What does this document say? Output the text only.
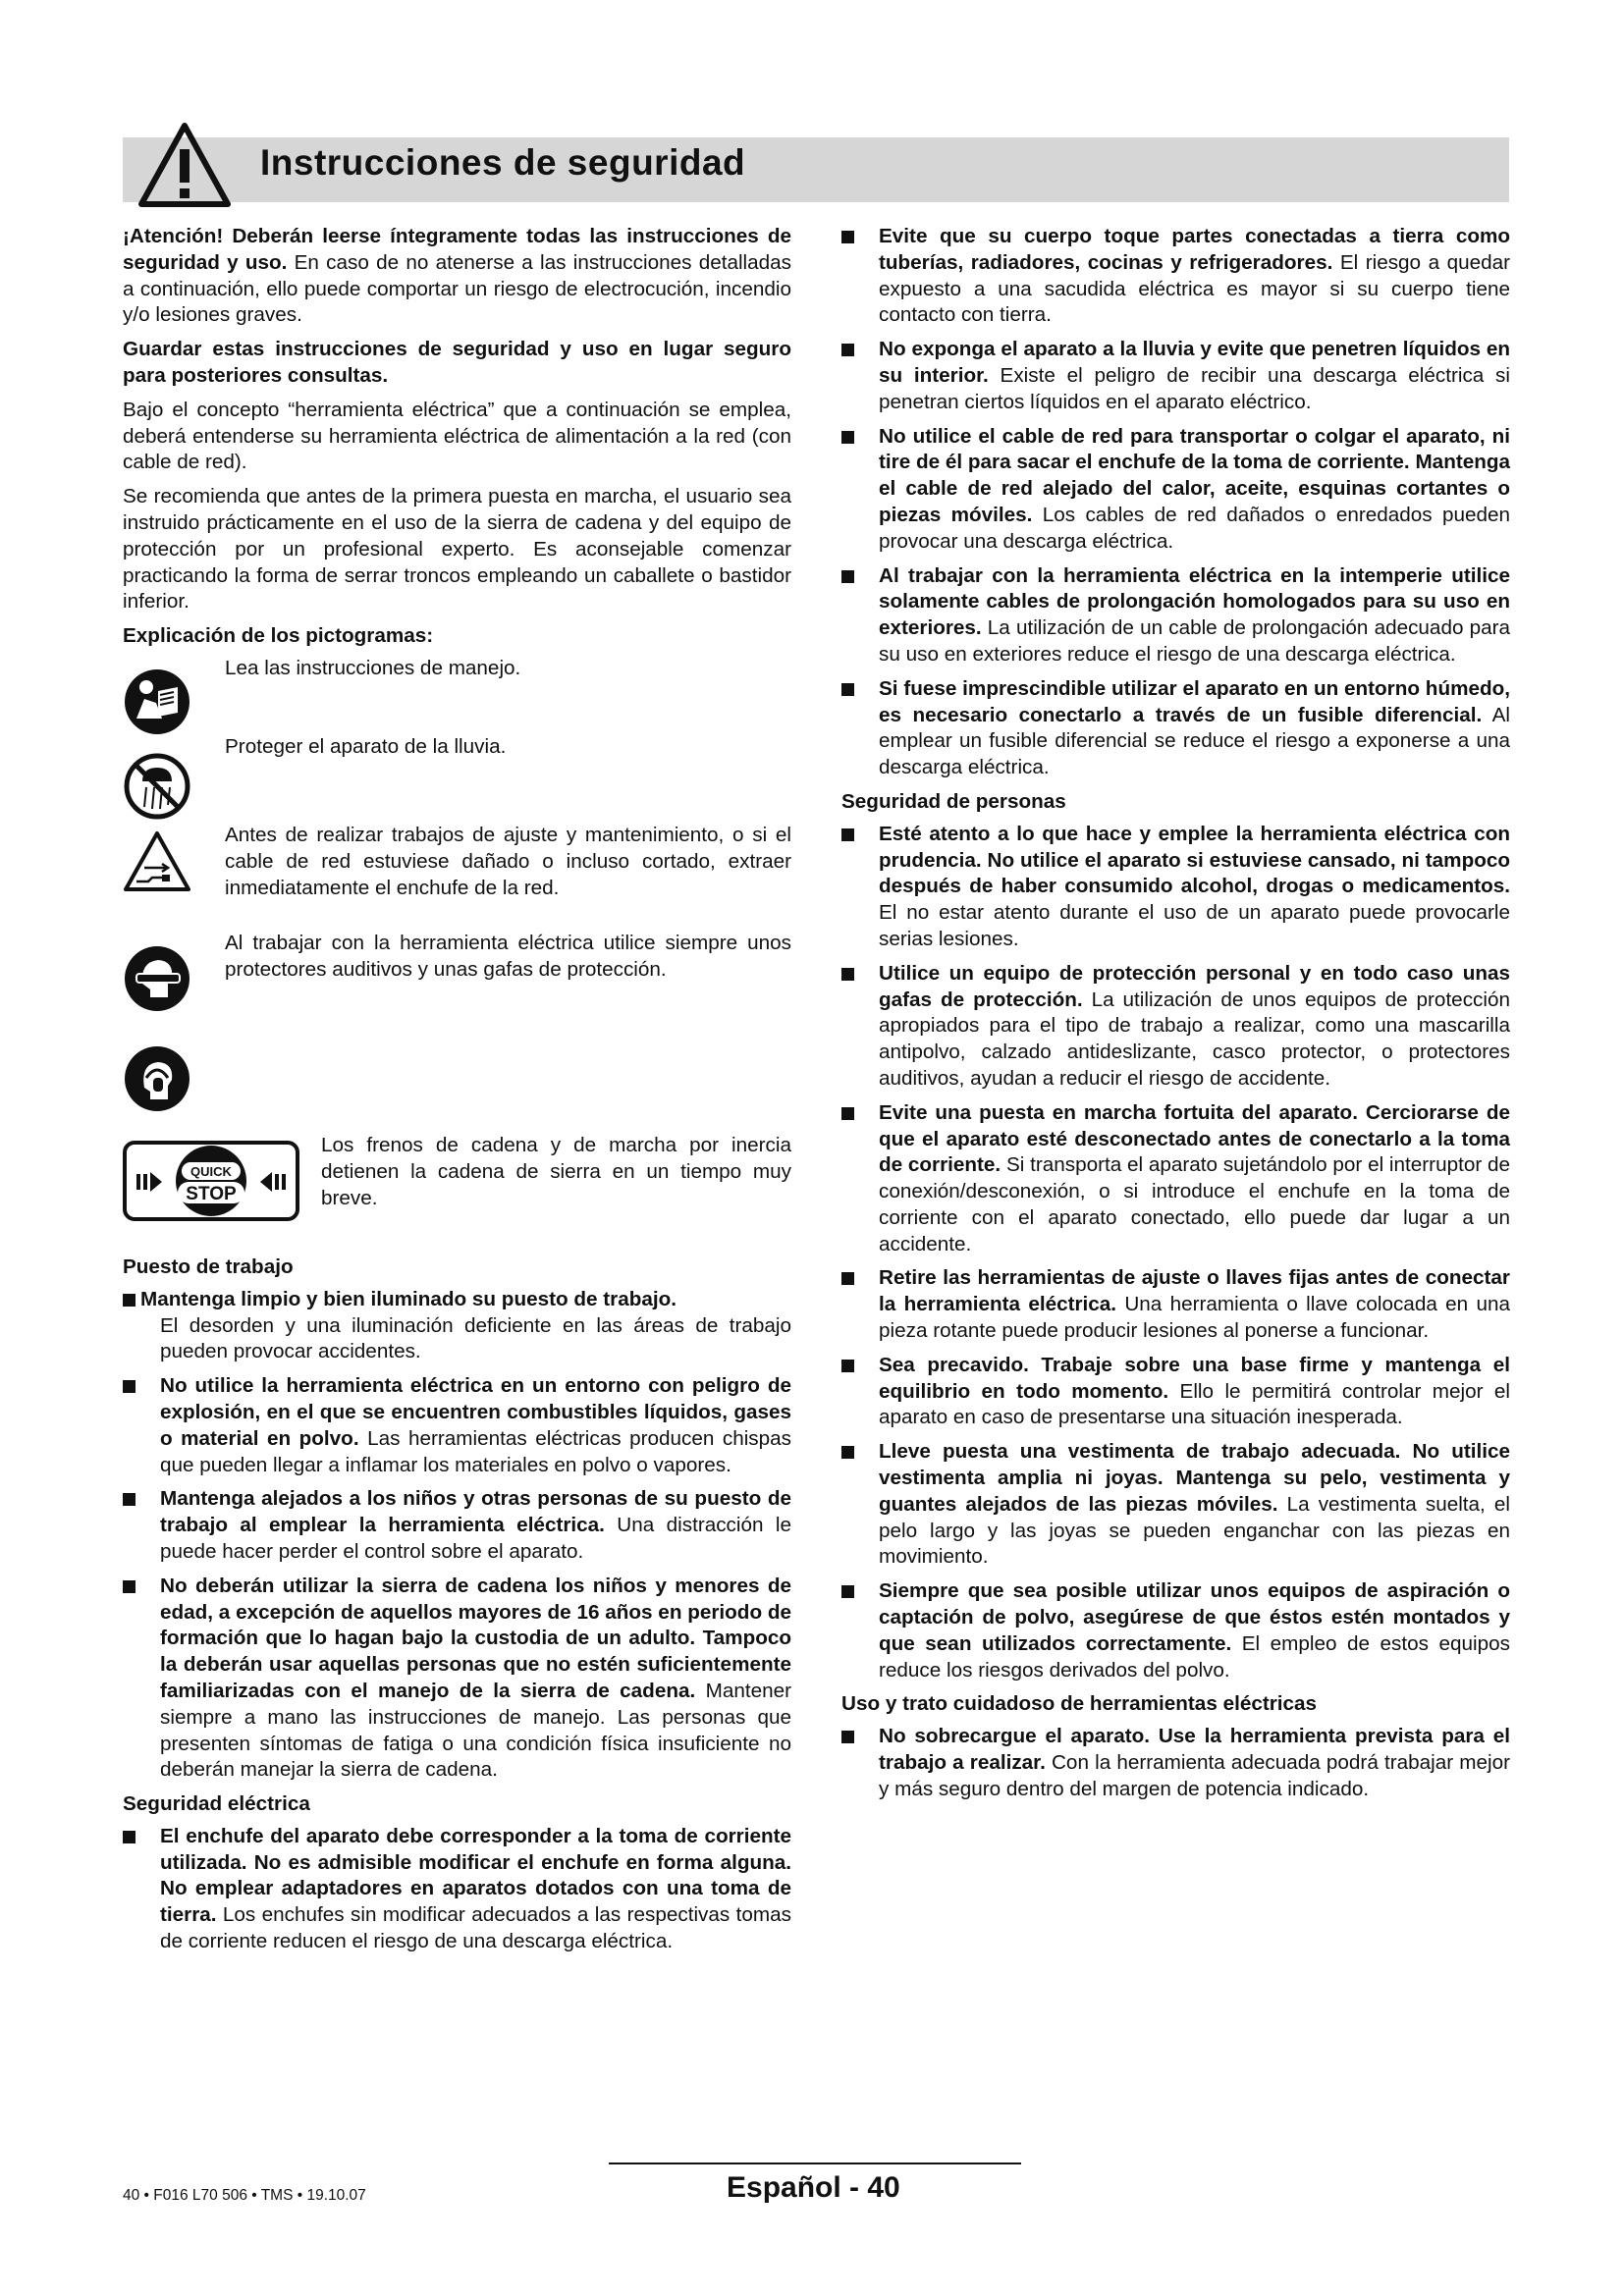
Instrucciones de seguridad

¡Atención! Deberán leerse íntegramente todas las instrucciones de seguridad y uso. En caso de no atenerse a las instrucciones detalladas a continuación, ello puede comportar un riesgo de electrocución, incendio y/o lesiones graves.

Guardar estas instrucciones de seguridad y uso en lugar seguro para posteriores consultas.

Bajo el concepto “herramienta eléctrica” que a continuación se emplea, deberá entenderse su herramienta eléctrica de alimentación a la red (con cable de red).

Se recomienda que antes de la primera puesta en marcha, el usuario sea instruido prácticamente en el uso de la sierra de cadena y del equipo de protección por un profesional experto. Es aconsejable comenzar practicando la forma de serrar troncos empleando un caballete o bastidor inferior.

Explicación de los pictogramas:

Lea las instrucciones de manejo.

Proteger el aparato de la lluvia.

Antes de realizar trabajos de ajuste y mantenimiento, o si el cable de red estuviese dañado o incluso cortado, extraer inmediatamente el enchufe de la red.

Al trabajar con la herramienta eléctrica utilice siempre unos protectores auditivos y unas gafas de protección.

QUICK
STOP

Los frenos de cadena y de marcha por inercia detienen la cadena de sierra en un tiempo muy breve.

Puesto de trabajo

Mantenga limpio y bien iluminado su puesto de trabajo.
El desorden y una iluminación deficiente en las áreas de trabajo pueden provocar accidentes.
No utilice la herramienta eléctrica en un entorno con peligro de explosión, en el que se encuentren combustibles líquidos, gases o material en polvo. Las herramientas eléctricas producen chispas que pueden llegar a inflamar los materiales en polvo o vapores.
Mantenga alejados a los niños y otras personas de su puesto de trabajo al emplear la herramienta eléctrica. Una distracción le puede hacer perder el control sobre el aparato.
No deberán utilizar la sierra de cadena los niños y menores de edad, a excepción de aquellos mayores de 16 años en periodo de formación que lo hagan bajo la custodia de un adulto. Tampoco la deberán usar aquellas personas que no estén suficientemente familiarizadas con el manejo de la sierra de cadena. Mantener siempre a mano las instrucciones de manejo. Las personas que presenten síntomas de fatiga o una condición física insuficiente no deberán manejar la sierra de cadena.

Seguridad eléctrica

El enchufe del aparato debe corresponder a la toma de corriente utilizada. No es admisible modificar el enchufe en forma alguna. No emplear adaptadores en aparatos dotados con una toma de tierra. Los enchufes sin modificar adecuados a las respectivas tomas de corriente reducen el riesgo de una descarga eléctrica.
Evite que su cuerpo toque partes conectadas a tierra como tuberías, radiadores, cocinas y refrigeradores. El riesgo a quedar expuesto a una sacudida eléctrica es mayor si su cuerpo tiene contacto con tierra.
No exponga el aparato a la lluvia y evite que penetren líquidos en su interior. Existe el peligro de recibir una descarga eléctrica si penetran ciertos líquidos en el aparato eléctrico.
No utilice el cable de red para transportar o colgar el aparato, ni tire de él para sacar el enchufe de la toma de corriente. Mantenga el cable de red alejado del calor, aceite, esquinas cortantes o piezas móviles. Los cables de red dañados o enredados pueden provocar una descarga eléctrica.
Al trabajar con la herramienta eléctrica en la intemperie utilice solamente cables de prolongación homologados para su uso en exteriores. La utilización de un cable de prolongación adecuado para su uso en exteriores reduce el riesgo de una descarga eléctrica.
Si fuese imprescindible utilizar el aparato en un entorno húmedo, es necesario conectarlo a través de un fusible diferencial. Al emplear un fusible diferencial se reduce el riesgo a exponerse a una descarga eléctrica.

Seguridad de personas

Esté atento a lo que hace y emplee la herramienta eléctrica con prudencia. No utilice el aparato si estuviese cansado, ni tampoco después de haber consumido alcohol, drogas o medicamentos. El no estar atento durante el uso de un aparato puede provocarle serias lesiones.
Utilice un equipo de protección personal y en todo caso unas gafas de protección. La utilización de unos equipos de protección apropiados para el tipo de trabajo a realizar, como una mascarilla antipolvo, calzado antideslizante, casco protector, o protectores auditivos, ayudan a reducir el riesgo de accidente.
Evite una puesta en marcha fortuita del aparato. Cerciorarse de que el aparato esté desconectado antes de conectarlo a la toma de corriente. Si transporta el aparato sujetándolo por el interruptor de conexión/desconexión, o si introduce el enchufe en la toma de corriente con el aparato conectado, ello puede dar lugar a un accidente.
Retire las herramientas de ajuste o llaves fijas antes de conectar la herramienta eléctrica. Una herramienta o llave colocada en una pieza rotante puede producir lesiones al ponerse a funcionar.
Sea precavido. Trabaje sobre una base firme y mantenga el equilibrio en todo momento. Ello le permitirá controlar mejor el aparato en caso de presentarse una situación inesperada.
Lleve puesta una vestimenta de trabajo adecuada. No utilice vestimenta amplia ni joyas. Mantenga su pelo, vestimenta y guantes alejados de las piezas móviles. La vestimenta suelta, el pelo largo y las joyas se pueden enganchar con las piezas en movimiento.
Siempre que sea posible utilizar unos equipos de aspiración o captación de polvo, asegúrese de que éstos estén montados y que sean utilizados correctamente. El empleo de estos equipos reduce los riesgos derivados del polvo.

Uso y trato cuidadoso de herramientas eléctricas

No sobrecargue el aparato. Use la herramienta prevista para el trabajo a realizar. Con la herramienta adecuada podrá trabajar mejor y más seguro dentro del margen de potencia indicado.
40 • F016 L70 506 • TMS • 19.10.07	Español - 40
